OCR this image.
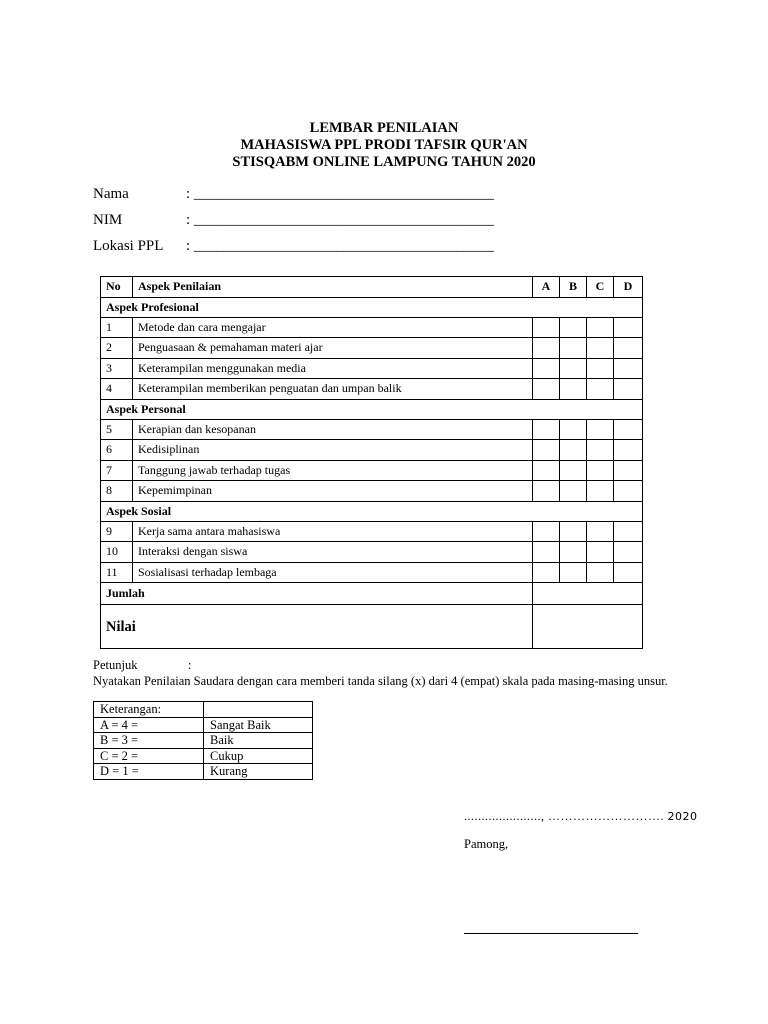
LEMBAR PENILAIAN
MAHASISWA PPL PRODI TAFSIR QUR'AN
STISQABM ONLINE LAMPUNG TAHUN 2020
Nama	: ________________________________________
NIM	: ________________________________________
Lokasi PPL : ________________________________________
No	Aspek Penilaian	A	B	C	D
Aspek Profesional					
1	Metode dan cara mengajar				
2	Penguasaan & pemahaman materi ajar				
3	Keterampilan menggunakan media				
4	Keterampilan memberikan penguatan dan umpan balik				
Aspek Personal					
5	Kerapian dan kesopanan				
6	Kedisiplinan				
7	Tanggung jawab terhadap tugas				
8	Kepemimpinan				
Aspek Sosial					
9	Kerja sama antara mahasiswa				
10	Interaksi dengan siswa				
11	Sosialisasi terhadap lembaga				
Jumlah					
Nilai					
Petunjuk	:
Nyatakan Penilaian Saudara dengan cara memberi tanda silang (x) dari 4 (empat) skala pada masing-masing unsur.
Keterangan:	
A = 4 =	Sangat Baik
B = 3 =	Baik
C = 2 =	Cukup
D = 1 =	Kurang
......................, ………………………. 2020
Pamong,
